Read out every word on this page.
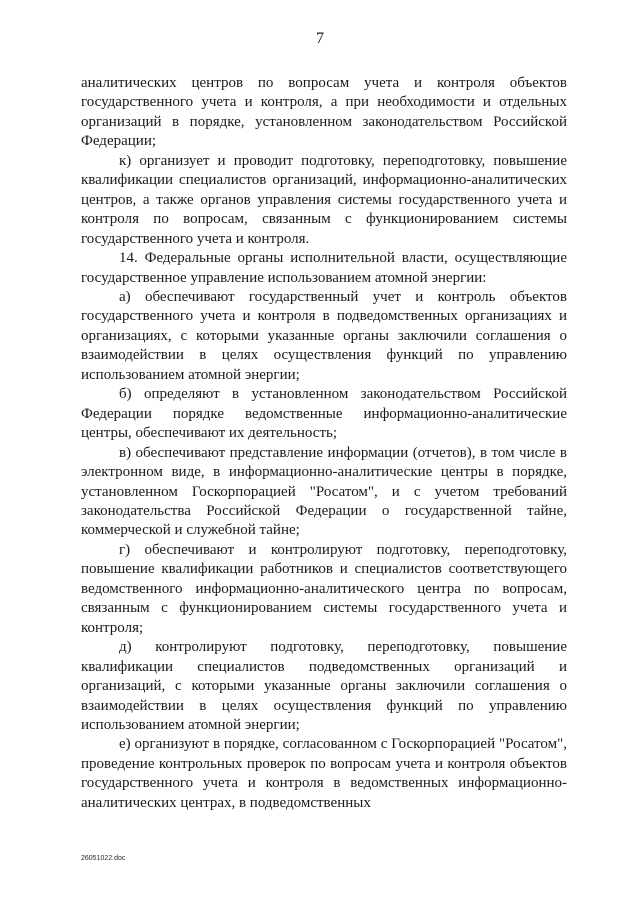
7

аналитических центров по вопросам учета и контроля объектов государственного учета и контроля, а при необходимости и отдельных организаций в порядке, установленном законодательством Российской Федерации;

к) организует и проводит подготовку, переподготовку, повышение квалификации специалистов организаций, информационно-аналитических центров, а также органов управления системы государственного учета и контроля по вопросам, связанным с функционированием системы государственного учета и контроля.

14. Федеральные органы исполнительной власти, осуществляющие государственное управление использованием атомной энергии:

а) обеспечивают государственный учет и контроль объектов государственного учета и контроля в подведомственных организациях и организациях, с которыми указанные органы заключили соглашения о взаимодействии в целях осуществления функций по управлению использованием атомной энергии;

б) определяют в установленном законодательством Российской Федерации порядке ведомственные информационно-аналитические центры, обеспечивают их деятельность;

в) обеспечивают представление информации (отчетов), в том числе в электронном виде, в информационно-аналитические центры в порядке, установленном Госкорпорацией "Росатом", и с учетом требований законодательства Российской Федерации о государственной тайне, коммерческой и служебной тайне;

г) обеспечивают и контролируют подготовку, переподготовку, повышение квалификации работников и специалистов соответствующего ведомственного информационно-аналитического центра по вопросам, связанным с функционированием системы государственного учета и контроля;

д) контролируют подготовку, переподготовку, повышение квалификации специалистов подведомственных организаций и организаций, с которыми указанные органы заключили соглашения о взаимодействии в целях осуществления функций по управлению использованием атомной энергии;

е) организуют в порядке, согласованном с Госкорпорацией "Росатом", проведение контрольных проверок по вопросам учета и контроля объектов государственного учета и контроля в ведомственных информационно-аналитических центрах, в подведомственных

26051022.doc
